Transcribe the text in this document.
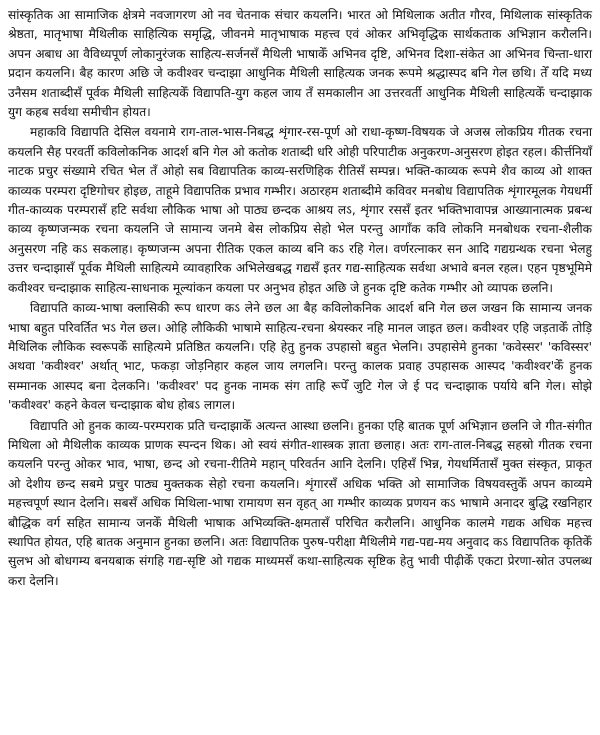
सांस्कृतिक आ सामाजिक क्षेत्रमे नवजागरण ओ नव चेतनाक संचार कयलनि। भारत ओ मिथिलाक अतीत गौरव, मिथिलाक सांस्कृतिक श्रेष्ठता, मातृभाषा मैथिलीक साहित्यिक समृद्धि, जीवनमे मातृभाषाक महत्त्व एवं ओकर अभिवृद्धिक सार्थकताक अभिज्ञान करौलनि। अपन अबाध आ वैविध्यपूर्ण लोकानुरंजक साहित्य-सर्जनसँ मैथिली भाषाकेँ अभिनव दृष्टि, अभिनव दिशा-संकेत आ अभिनव चिन्ता-धारा प्रदान कयलनि। बैह कारण अछि जे कवीश्वर चन्दाझा आधुनिक मैथिली साहित्यक जनक रूपमे श्रद्धास्पद बनि गेल छथि। तेँ यदि मध्य उनैसम शताब्दीसँ पूर्वक मैथिली साहित्यकेँ विद्यापति-युग कहल जाय तँ समकालीन आ उत्तरवर्ती आधुनिक मैथिली साहित्यकेँ चन्दाझाक युग कहब सर्वथा समीचीन होयत।

महाकवि विद्यापति देसिल वयनामे राग-ताल-भास-निबद्ध शृंगार-रस-पूर्ण ओ राधा-कृष्ण-विषयक जे अजस्र लोकप्रिय गीतक रचना कयलनि सैह परवर्ती कविलोकनिक आदर्श बनि गेल ओ कतोक शताब्दी धरि ओही परिपाटीक अनुकरण-अनुसरण होइत रहल। कीर्त्तनियाँ नाटक प्रचुर संख्यामे रचित भेल तँ ओहो सब विद्यापतिक काव्य-सरणिहिक रीतिसँ सम्पन्न। भक्ति-काव्यक रूपमे शैव काव्य ओ शाक्त काव्यक परम्परा दृष्टिगोचर होइछ, ताहूमे विद्यापतिक प्रभाव गम्भीर। अठारहम शताब्दीमे कविवर मनबोध विद्यापतिक शृंगारमूलक गेयधर्मी गीत-काव्यक परम्परासँ हटि सर्वथा लौकिक भाषा ओ पाठ्य छन्दक आश्रय लऽ, शृंगार रससँ इतर भक्तिभावापन्न आख्यानात्मक प्रबन्ध काव्य कृष्णजन्मक रचना कयलनि जे सामान्य जनमे बेस लोकप्रिय सेहो भेल परन्तु आगाँक कवि लोकनि मनबोधक रचना-शैलीक अनुसरण नहि कऽ सकलाह। कृष्णजन्म अपना रीतिक एकल काव्य बनि कऽ रहि गेल। वर्णरत्नाकर सन आदि गद्यग्रन्थक रचना भेलहु उत्तर चन्दाझासँ पूर्वक मैथिली साहित्यमे व्यावहारिक अभिलेखबद्ध गद्यसँ इतर गद्य-साहित्यक सर्वथा अभावे बनल रहल। एहन पृष्ठभूमिमे कवीश्वर चन्दाझाक साहित्य-साधनाक मूल्यांकन कयला पर अनुभव होइत अछि जे हुनक दृष्टि कतेक गम्भीर ओ व्यापक छलनि।

विद्यापति काव्य-भाषा क्लासिकी रूप धारण कऽ लेने छल आ बैह कविलोकनिक आदर्श बनि गेल छल जखन कि सामान्य जनक भाषा बहुत परिवर्तित भऽ गेल छल। ओहि लौकिकी भाषामे साहित्य-रचना श्रेयस्कर नहि मानल जाइत छल। कवीश्वर एहि जड़ताकेँ तोड़ि मैथिलिक लौकिक स्वरूपकेँ साहित्यमे प्रतिष्ठित कयलनि। एहि हेतु हुनक उपहासो बहुत भेलनि। उपहासेमे हुनका 'कवेस्सर' 'कविस्सर' अथवा 'कवीश्वर' अर्थात् भाट, फकड़ा जोड़निहार कहल जाय लगलनि। परन्तु कालक प्रवाह उपहासक आस्पद 'कवीश्वर'केँ हुनक सम्मानक आस्पद बना देलकनि। 'कवीश्वर' पद हुनक नामक संग ताहि रूपेँ जुटि गेल जे ई पद चन्दाझाक पर्याये बनि गेल। सोझे 'कवीश्वर' कहने केवल चन्दाझाक बोध होबऽ लागल।

विद्यापति ओ हुनक काव्य-परम्पराक प्रति चन्दाझाकेँ अत्यन्त आस्था छलनि। हुनका एहि बातक पूर्ण अभिज्ञान छलनि जे गीत-संगीत मिथिला ओ मैथिलीक काव्यक प्राणक स्पन्दन थिक। ओ स्वयं संगीत-शास्त्रक ज्ञाता छलाह। अतः राग-ताल-निबद्ध सहस्रो गीतक रचना कयलनि परन्तु ओकर भाव, भाषा, छन्द ओ रचना-रीतिमे महान् परिवर्तन आनि देलनि। एहिसँ भिन्न, गेयधर्मितासँ मुक्त संस्कृत, प्राकृत ओ देशीय छन्द सबमे प्रचुर पाठ्य मुक्तकक सेहो रचना कयलनि। शृंगारसँ अधिक भक्ति ओ सामाजिक विषयवस्तुकेँ अपन काव्यमे महत्त्वपूर्ण स्थान देलनि। सबसँ अधिक मिथिला-भाषा रामायण सन वृहत् आ गम्भीर काव्यक प्रणयन कऽ भाषामे अनादर बुद्धि रखनिहार बौद्धिक वर्ग सहित सामान्य जनकेँ मैथिली भाषाक अभिव्यक्ति-क्षमतासँ परिचित करौलनि। आधुनिक कालमे गद्यक अधिक महत्त्व स्थापित होयत, एहि बातक अनुमान हुनका छलनि। अतः विद्यापतिक पुरुष-परीक्षा मैथिलीमे गद्य-पद्य-मय अनुवाद कऽ विद्यापतिक कृतिकेँ सुलभ ओ बोधगम्य बनयबाक संगहि गद्य-सृष्टि ओ गद्यक माध्यमसँ कथा-साहित्यक सृष्टिक हेतु भावी पीढ़ीकेँ एकटा प्रेरणा-स्रोत उपलब्ध करा देलनि।
